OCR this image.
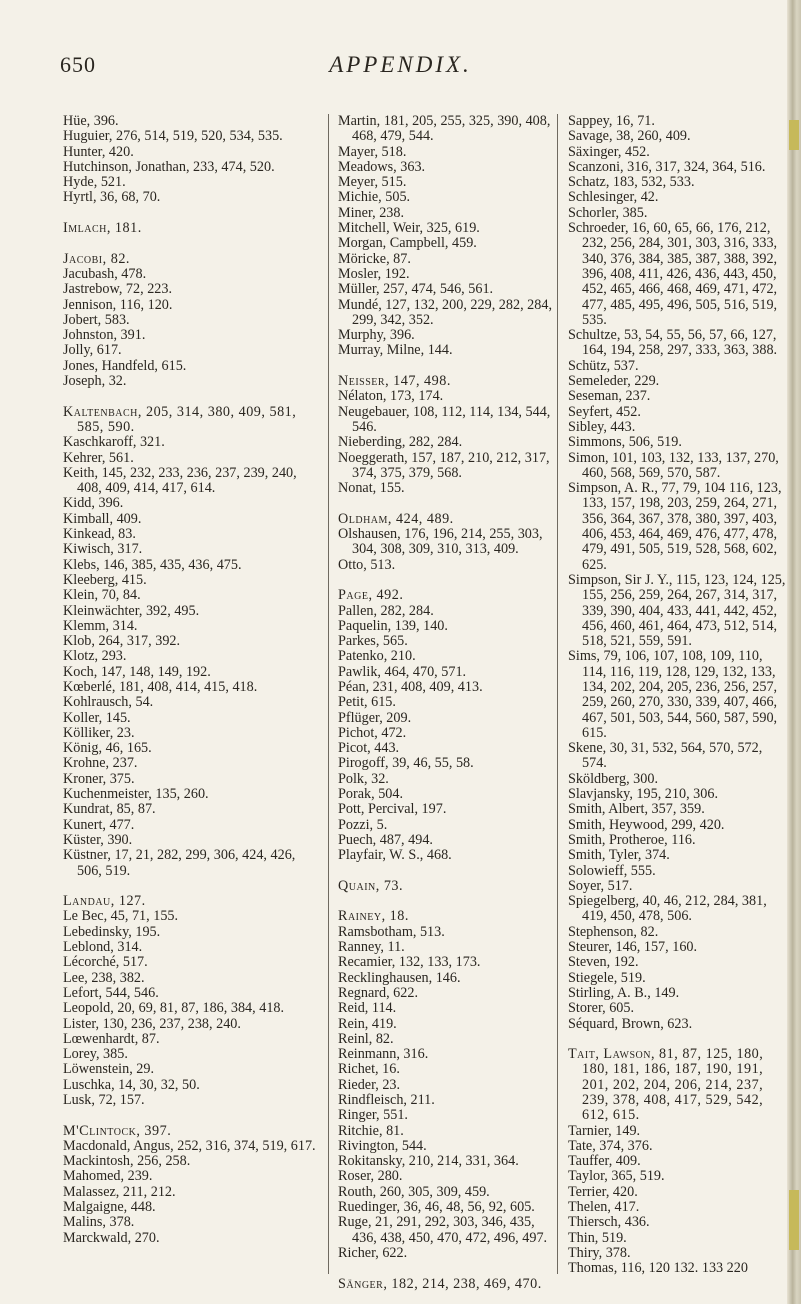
650	APPENDIX.
Hüe, 396.
Huguier, 276, 514, 519, 520, 534, 535.
Hunter, 420.
Hutchinson, Jonathan, 233, 474, 520.
Hyde, 521.
Hyrtl, 36, 68, 70.
Imlach, 181.
Jacobi, 82.
Jacubash, 478.
Jastrebow, 72, 223.
Jennison, 116, 120.
Jobert, 583.
Johnston, 391.
Jolly, 617.
Jones, Handfeld, 615.
Joseph, 32.
Kaltenbach, 205, 314, 380, 409, 581, 585, 590.
Kaschkaroff, 321.
Kehrer, 561.
Keith, 145, 232, 233, 236, 237, 239, 240, 408, 409, 414, 417, 614.
Kidd, 396.
Kimball, 409.
Kinkead, 83.
Kiwisch, 317.
Klebs, 146, 385, 435, 436, 475.
Kleeberg, 415.
Klein, 70, 84.
Kleinwächter, 392, 495.
Klemm, 314.
Klob, 264, 317, 392.
Klotz, 293.
Koch, 147, 148, 149, 192.
Kœberlé, 181, 408, 414, 415, 418.
Kohlrausch, 54.
Koller, 145.
Kölliker, 23.
König, 46, 165.
Krohne, 237.
Kroner, 375.
Kuchenmeister, 135, 260.
Kundrat, 85, 87.
Kunert, 477.
Küster, 390.
Küstner, 17, 21, 282, 299, 306, 424, 426, 506, 519.
Landau, 127.
Le Bec, 45, 71, 155.
Lebedinsky, 195.
Leblond, 314.
Lécorché, 517.
Lee, 238, 382.
Lefort, 544, 546.
Leopold, 20, 69, 81, 87, 186, 384, 418.
Lister, 130, 236, 237, 238, 240.
Lœwenhardt, 87.
Lorey, 385.
Löwenstein, 29.
Luschka, 14, 30, 32, 50.
Lusk, 72, 157.
M'Clintock, 397.
Macdonald, Angus, 252, 316, 374, 519, 617.
Mackintosh, 256, 258.
Mahomed, 239.
Malassez, 211, 212.
Malgaigne, 448.
Malins, 378.
Marckwald, 270.
Martin, 181, 205, 255, 325, 390, 408, 468, 479, 544.
Mayer, 518.
Meadows, 363.
Meyer, 515.
Michie, 505.
Miner, 238.
Mitchell, Weir, 325, 619.
Morgan, Campbell, 459.
Möricke, 87.
Mosler, 192.
Müller, 257, 474, 546, 561.
Mundé, 127, 132, 200, 229, 282, 284, 299, 342, 352.
Murphy, 396.
Murray, Milne, 144.
Neisser, 147, 498.
Nélaton, 173, 174.
Neugebauer, 108, 112, 114, 134, 544, 546.
Nieberding, 282, 284.
Noeggerath, 157, 187, 210, 212, 317, 374, 375, 379, 568.
Nonat, 155.
Oldham, 424, 489.
Olshausen, 176, 196, 214, 255, 303, 304, 308, 309, 310, 313, 409.
Otto, 513.
Page, 492.
Pallen, 282, 284.
Paquelin, 139, 140.
Parkes, 565.
Patenko, 210.
Pawlik, 464, 470, 571.
Péan, 231, 408, 409, 413.
Petit, 615.
Pflüger, 209.
Pichot, 472.
Picot, 443.
Pirogoff, 39, 46, 55, 58.
Polk, 32.
Porak, 504.
Pott, Percival, 197.
Pozzi, 5.
Puech, 487, 494.
Playfair, W. S., 468.
Quain, 73.
Rainey, 18.
Ramsbotham, 513.
Ranney, 11.
Recamier, 132, 133, 173.
Recklinghausen, 146.
Regnard, 622.
Reid, 114.
Rein, 419.
Reinl, 82.
Reinmann, 316.
Richet, 16.
Rieder, 23.
Rindfleisch, 211.
Ringer, 551.
Ritchie, 81.
Rivington, 544.
Rokitansky, 210, 214, 331, 364.
Roser, 280.
Routh, 260, 305, 309, 459.
Ruedinger, 36, 46, 48, 56, 92, 605.
Ruge, 21, 291, 292, 303, 346, 435, 436, 438, 450, 470, 472, 496, 497.
Richer, 622.
Sänger, 182, 214, 238, 469, 470.
Sappey, 16, 71.
Savage, 38, 260, 409.
Säxinger, 452.
Scanzoni, 316, 317, 324, 364, 516.
Schatz, 183, 532, 533.
Schlesinger, 42.
Schorler, 385.
Schroeder, 16, 60, 65, 66, 176, 212, 232, 256, 284, 301, 303, 316, 333, 340, 376, 384, 385, 387, 388, 392, 396, 408, 411, 426, 436, 443, 450, 452, 465, 466, 468, 469, 471, 472, 477, 485, 495, 496, 505, 516, 519, 535.
Schultze, 53, 54, 55, 56, 57, 66, 127, 164, 194, 258, 297, 333, 363, 388.
Schütz, 537.
Semeleder, 229.
Seseman, 237.
Seyfert, 452.
Sibley, 443.
Simmons, 506, 519.
Simon, 101, 103, 132, 133, 137, 270, 460, 568, 569, 570, 587.
Simpson, A. R., 77, 79, 104 116, 123, 133, 157, 198, 203, 259, 264, 271, 356, 364, 367, 378, 380, 397, 403, 406, 453, 464, 469, 476, 477, 478, 479, 491, 505, 519, 528, 568, 602, 625.
Simpson, Sir J. Y., 115, 123, 124, 125, 155, 256, 259, 264, 267, 314, 317, 339, 390, 404, 433, 441, 442, 452, 456, 460, 461, 464, 473, 512, 514, 518, 521, 559, 591.
Sims, 79, 106, 107, 108, 109, 110, 114, 116, 119, 128, 129, 132, 133, 134, 202, 204, 205, 236, 256, 257, 259, 260, 270, 330, 339, 407, 466, 467, 501, 503, 544, 560, 587, 590, 615.
Skene, 30, 31, 532, 564, 570, 572, 574.
Sköldberg, 300.
Slavjansky, 195, 210, 306.
Smith, Albert, 357, 359.
Smith, Heywood, 299, 420.
Smith, Protheroe, 116.
Smith, Tyler, 374.
Solowieff, 555.
Soyer, 517.
Spiegelberg, 40, 46, 212, 284, 381, 419, 450, 478, 506.
Stephenson, 82.
Steurer, 146, 157, 160.
Steven, 192.
Stiegele, 519.
Stirling, A. B., 149.
Storer, 605.
Séquard, Brown, 623.
Tait, Lawson, 81, 87, 125, 180, 180, 181, 186, 187, 190, 191, 201, 202, 204, 206, 214, 237, 239, 378, 408, 417, 529, 542, 612, 615.
Tarnier, 149.
Tate, 374, 376.
Tauffer, 409.
Taylor, 365, 519.
Terrier, 420.
Thelen, 417.
Thiersch, 436.
Thin, 519.
Thiry, 378.
Thomas, 116, 120 132. 133 220
